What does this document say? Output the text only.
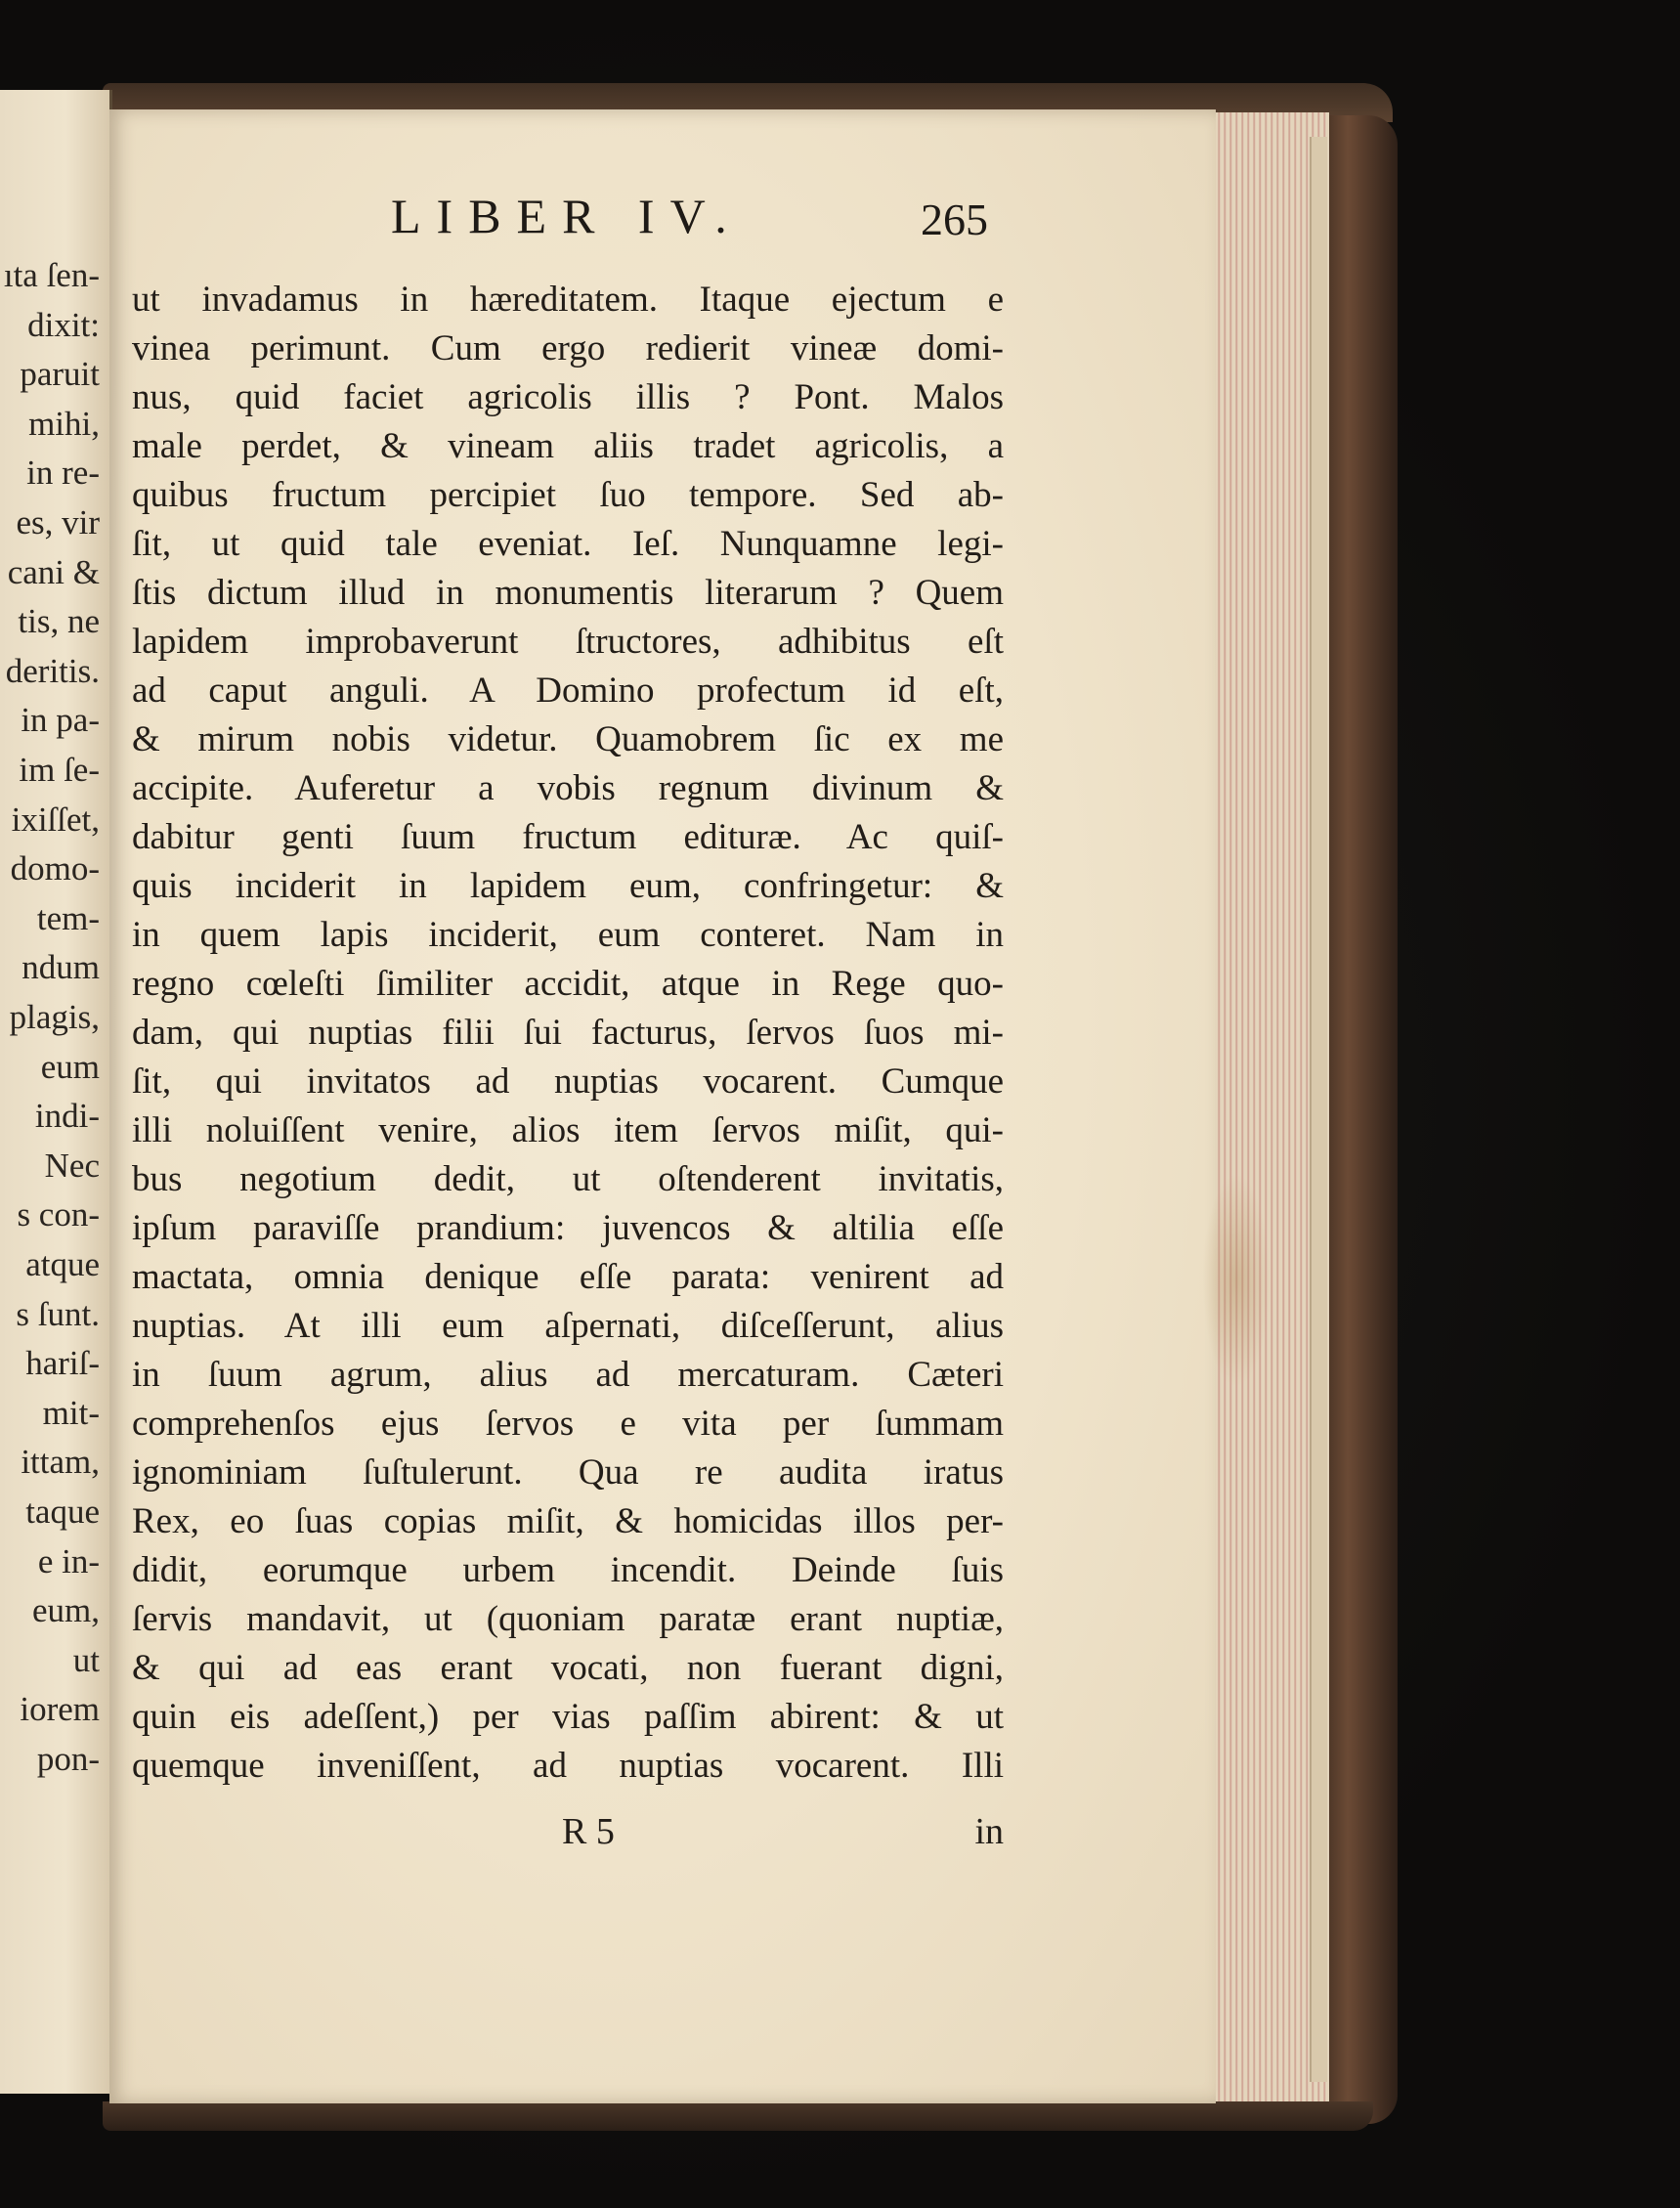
ıta ſen-
dixit:
paruit
mihi,
in re-
es, vir
cani &
tis, ne
deritis.
in pa-
im ſe-
ixiſſet,
domo-
tem-
ndum
plagis,
eum
indi-
Nec
s con-
atque
s ſunt.
hariſ-
mit-
ittam,
taque
e in-
eum,
ut
iorem
pon-
LIBER IV.	265
ut invadamus in hæreditatem. Itaque ejectum e
vinea perimunt. Cum ergo redierit vineæ domi-
nus, quid faciet agricolis illis ? Pont. Malos
male perdet, & vineam aliis tradet agricolis, a
quibus fructum percipiet ſuo tempore. Sed ab-
ſit, ut quid tale eveniat. Ieſ. Nunquamne legi-
ſtis dictum illud in monumentis literarum ? Quem
lapidem improbaverunt ſtructores, adhibitus eſt
ad caput anguli. A Domino profectum id eſt,
& mirum nobis videtur. Quamobrem ſic ex me
accipite. Auferetur a vobis regnum divinum &
dabitur genti ſuum fructum edituræ. Ac quiſ-
quis inciderit in lapidem eum, confringetur: &
in quem lapis inciderit, eum conteret. Nam in
regno cœleſti ſimiliter accidit, atque in Rege quo-
dam, qui nuptias filii ſui facturus, ſervos ſuos mi-
ſit, qui invitatos ad nuptias vocarent. Cumque
illi noluiſſent venire, alios item ſervos miſit, qui-
bus negotium dedit, ut oſtenderent invitatis,
ipſum paraviſſe prandium: juvencos & altilia eſſe
mactata, omnia denique eſſe parata: venirent ad
nuptias. At illi eum aſpernati, diſceſſerunt, alius
in ſuum agrum, alius ad mercaturam. Cæteri
comprehenſos ejus ſervos e vita per ſummam
ignominiam ſuſtulerunt. Qua re audita iratus
Rex, eo ſuas copias miſit, & homicidas illos per-
didit, eorumque urbem incendit. Deinde ſuis
ſervis mandavit, ut (quoniam paratæ erant nuptiæ,
& qui ad eas erant vocati, non fuerant digni,
quin eis adeſſent,) per vias paſſim abirent: & ut
quemque inveniſſent, ad nuptias vocarent. Illi
R 5	in
